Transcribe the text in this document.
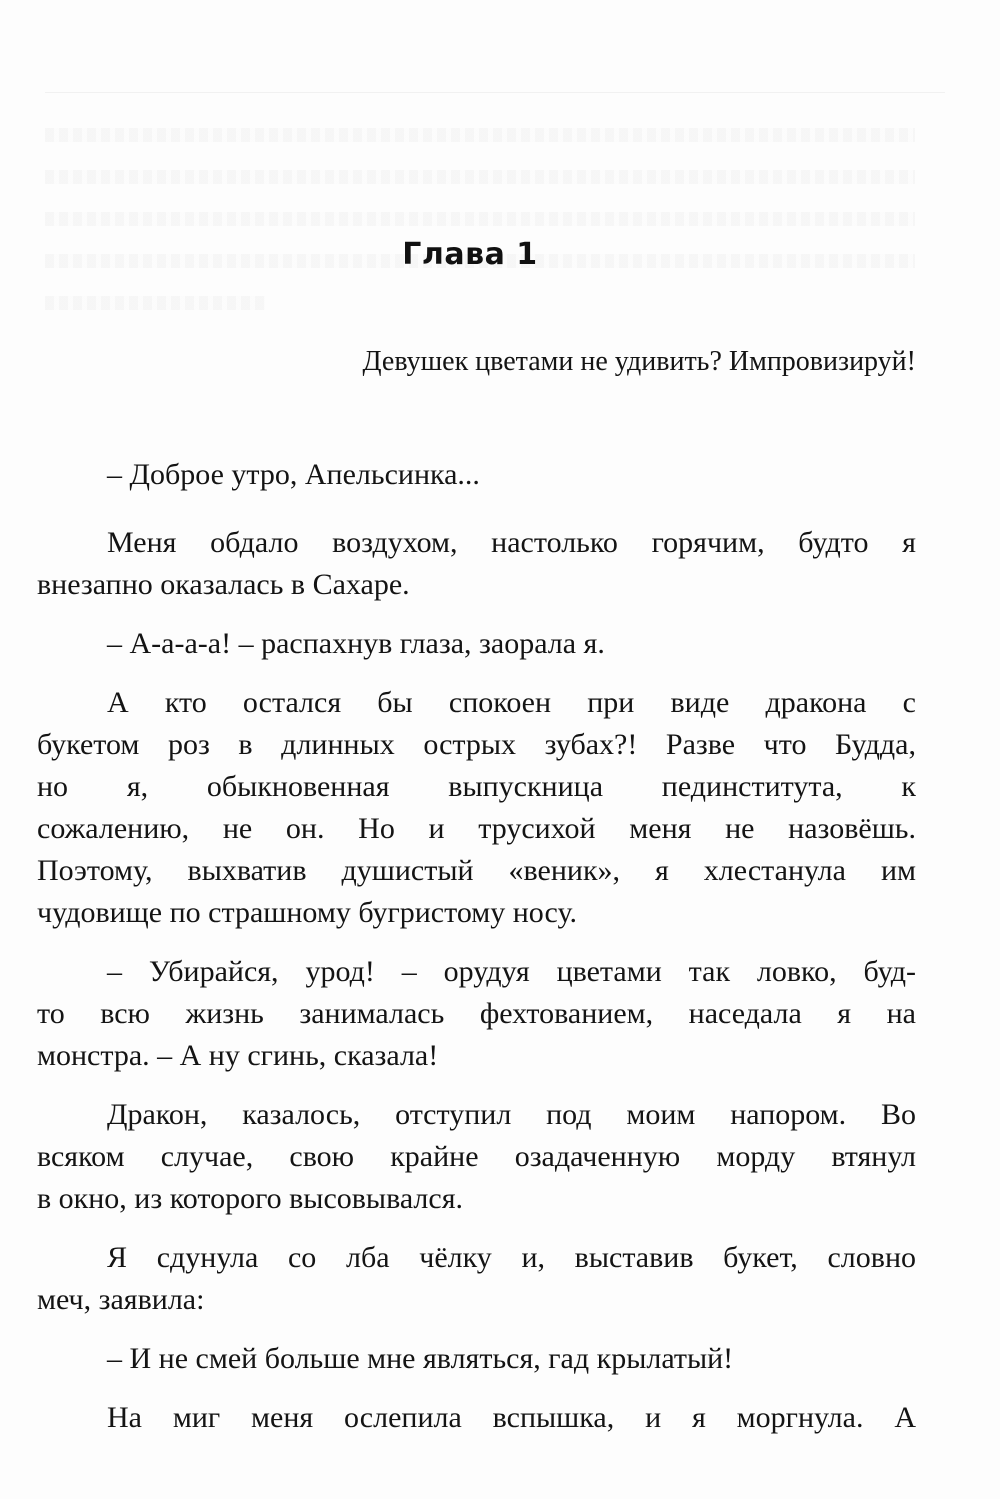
Глава 1
Девушек цветами не удивить? Импровизируй!
– Доброе утро, Апельсинка...
Меня обдало воздухом, настолько горячим, будто я
внезапно оказалась в Сахаре.
– А-а-а-а! – распахнув глаза, заорала я.
А кто остался бы спокоен при виде дракона с
букетом роз в длинных острых зубах?! Разве что Будда,
но я, обыкновенная выпускница пединститута, к
сожалению, не он. Но и трусихой меня не назовёшь.
Поэтому, выхватив душистый «веник», я хлестанула им
чудовище по страшному бугристому носу.
– Убирайся, урод! – орудуя цветами так ловко, буд-
то всю жизнь занималась фехтованием, наседала я на
монстра. – А ну сгинь, сказала!
Дракон, казалось, отступил под моим напором. Во
всяком случае, свою крайне озадаченную морду втянул
в окно, из которого высовывался.
Я сдунула со лба чёлку и, выставив букет, словно
меч, заявила:
– И не смей больше мне являться, гад крылатый!
На миг меня ослепила вспышка, и я моргнула. А
